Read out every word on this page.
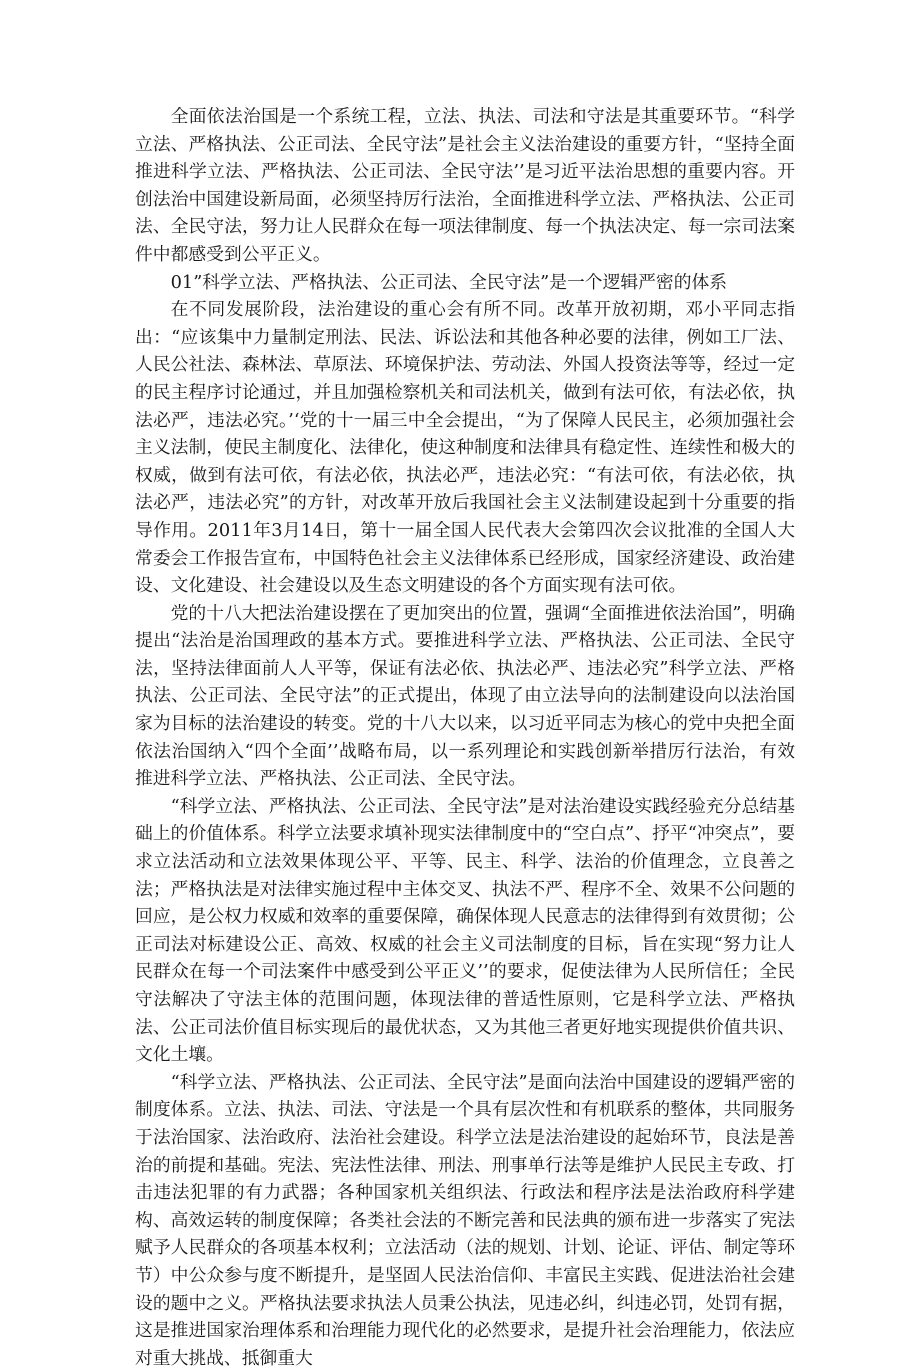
全面依法治国是一个系统工程，立法、执法、司法和守法是其重要环节。“科学立法、严格执法、公正司法、全民守法”是社会主义法治建设的重要方针，“坚持全面推进科学立法、严格执法、公正司法、全民守法’’是习近平法治思想的重要内容。开创法治中国建设新局面，必须坚持厉行法治，全面推进科学立法、严格执法、公正司法、全民守法，努力让人民群众在每一项法律制度、每一个执法决定、每一宗司法案件中都感受到公平正义。

01”科学立法、严格执法、公正司法、全民守法”是一个逻辑严密的体系

在不同发展阶段，法治建设的重心会有所不同。改革开放初期，邓小平同志指出：“应该集中力量制定刑法、民法、诉讼法和其他各种必要的法律，例如工厂法、人民公社法、森林法、草原法、环境保护法、劳动法、外国人投资法等等，经过一定的民主程序讨论通过，并且加强检察机关和司法机关，做到有法可依，有法必依，执法必严，违法必究。’‘党的十一届三中全会提出，“为了保障人民民主，必须加强社会主义法制，使民主制度化、法律化，使这种制度和法律具有稳定性、连续性和极大的权威，做到有法可依，有法必依，执法必严，违法必究：“有法可依，有法必依，执法必严，违法必究”的方针，对改革开放后我国社会主义法制建设起到十分重要的指导作用。2011年3月14日，第十一届全国人民代表大会第四次会议批准的全国人大常委会工作报告宣布，中国特色社会主义法律体系已经形成，国家经济建设、政治建设、文化建设、社会建设以及生态文明建设的各个方面实现有法可依。

党的十八大把法治建设摆在了更加突出的位置，强调“全面推进依法治国”，明确提出“法治是治国理政的基本方式。要推进科学立法、严格执法、公正司法、全民守法，坚持法律面前人人平等，保证有法必依、执法必严、违法必究”科学立法、严格执法、公正司法、全民守法”的正式提出，体现了由立法导向的法制建设向以法治国家为目标的法治建设的转变。党的十八大以来，以习近平同志为核心的党中央把全面依法治国纳入“四个全面’’战略布局，以一系列理论和实践创新举措厉行法治，有效推进科学立法、严格执法、公正司法、全民守法。

“科学立法、严格执法、公正司法、全民守法”是对法治建设实践经验充分总结基础上的价值体系。科学立法要求填补现实法律制度中的“空白点”、抒平“冲突点”，要求立法活动和立法效果体现公平、平等、民主、科学、法治的价值理念，立良善之法；严格执法是对法律实施过程中主体交叉、执法不严、程序不全、效果不公问题的回应，是公权力权威和效率的重要保障，确保体现人民意志的法律得到有效贯彻；公正司法对标建设公正、高效、权威的社会主义司法制度的目标，旨在实现“努力让人民群众在每一个司法案件中感受到公平正义’’的要求，促使法律为人民所信任；全民守法解决了守法主体的范围问题，体现法律的普适性原则，它是科学立法、严格执法、公正司法价值目标实现后的最优状态，又为其他三者更好地实现提供价值共识、文化土壤。

“科学立法、严格执法、公正司法、全民守法”是面向法治中国建设的逻辑严密的制度体系。立法、执法、司法、守法是一个具有层次性和有机联系的整体，共同服务于法治国家、法治政府、法治社会建设。科学立法是法治建设的起始环节，良法是善治的前提和基础。宪法、宪法性法律、刑法、刑事单行法等是维护人民民主专政、打击违法犯罪的有力武器；各种国家机关组织法、行政法和程序法是法治政府科学建构、高效运转的制度保障；各类社会法的不断完善和民法典的颁布进一步落实了宪法赋予人民群众的各项基本权利；立法活动（法的规划、计划、论证、评估、制定等环节）中公众参与度不断提升，是坚固人民法治信仰、丰富民主实践、促进法治社会建设的题中之义。严格执法要求执法人员秉公执法，见违必纠，纠违必罚，处罚有据，这是推进国家治理体系和治理能力现代化的必然要求，是提升社会治理能力，依法应对重大挑战、抵御重大
